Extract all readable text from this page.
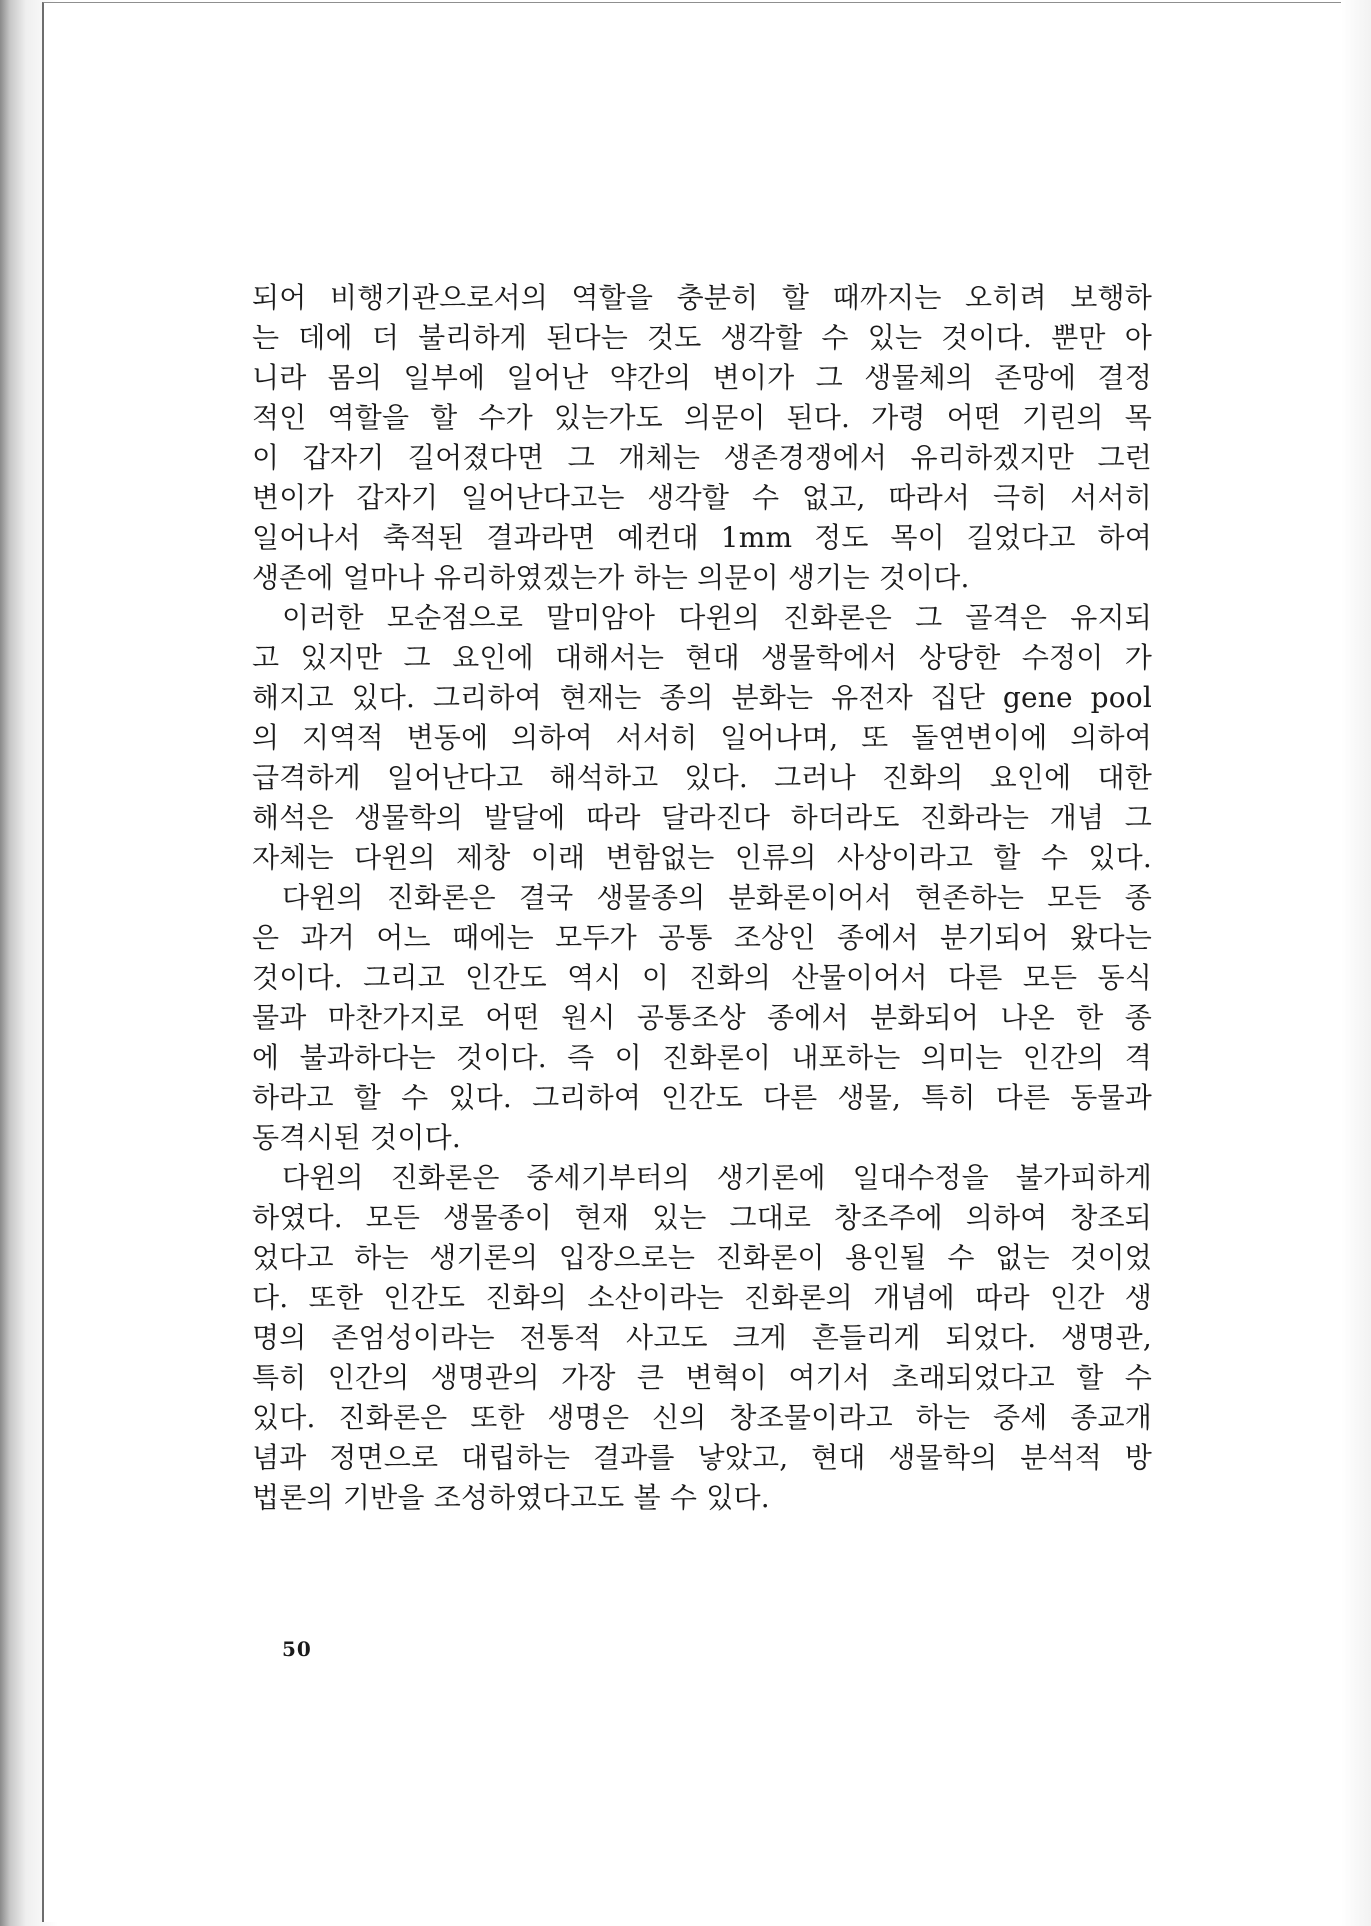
되어 비행기관으로서의 역할을 충분히 할 때까지는 오히려 보행하
는 데에 더 불리하게 된다는 것도 생각할 수 있는 것이다. 뿐만 아
니라 몸의 일부에 일어난 약간의 변이가 그 생물체의 존망에 결정
적인 역할을 할 수가 있는가도 의문이 된다. 가령 어떤 기린의 목
이 갑자기 길어졌다면 그 개체는 생존경쟁에서 유리하겠지만 그런
변이가 갑자기 일어난다고는 생각할 수 없고, 따라서 극히 서서히
일어나서 축적된 결과라면 예컨대 1mm 정도 목이 길었다고 하여
생존에 얼마나 유리하였겠는가 하는 의문이 생기는 것이다.
이러한 모순점으로 말미암아 다윈의 진화론은 그 골격은 유지되
고 있지만 그 요인에 대해서는 현대 생물학에서 상당한 수정이 가
해지고 있다. 그리하여 현재는 종의 분화는 유전자 집단 gene pool
의 지역적 변동에 의하여 서서히 일어나며, 또 돌연변이에 의하여
급격하게 일어난다고 해석하고 있다. 그러나 진화의 요인에 대한
해석은 생물학의 발달에 따라 달라진다 하더라도 진화라는 개념 그
자체는 다윈의 제창 이래 변함없는 인류의 사상이라고 할 수 있다.
다윈의 진화론은 결국 생물종의 분화론이어서 현존하는 모든 종
은 과거 어느 때에는 모두가 공통 조상인 종에서 분기되어 왔다는
것이다. 그리고 인간도 역시 이 진화의 산물이어서 다른 모든 동식
물과 마찬가지로 어떤 원시 공통조상 종에서 분화되어 나온 한 종
에 불과하다는 것이다. 즉 이 진화론이 내포하는 의미는 인간의 격
하라고 할 수 있다. 그리하여 인간도 다른 생물, 특히 다른 동물과
동격시된 것이다.
다윈의 진화론은 중세기부터의 생기론에 일대수정을 불가피하게
하였다. 모든 생물종이 현재 있는 그대로 창조주에 의하여 창조되
었다고 하는 생기론의 입장으로는 진화론이 용인될 수 없는 것이었
다. 또한 인간도 진화의 소산이라는 진화론의 개념에 따라 인간 생
명의 존엄성이라는 전통적 사고도 크게 흔들리게 되었다. 생명관,
특히 인간의 생명관의 가장 큰 변혁이 여기서 초래되었다고 할 수
있다. 진화론은 또한 생명은 신의 창조물이라고 하는 중세 종교개
념과 정면으로 대립하는 결과를 낳았고, 현대 생물학의 분석적 방
법론의 기반을 조성하였다고도 볼 수 있다.
50
